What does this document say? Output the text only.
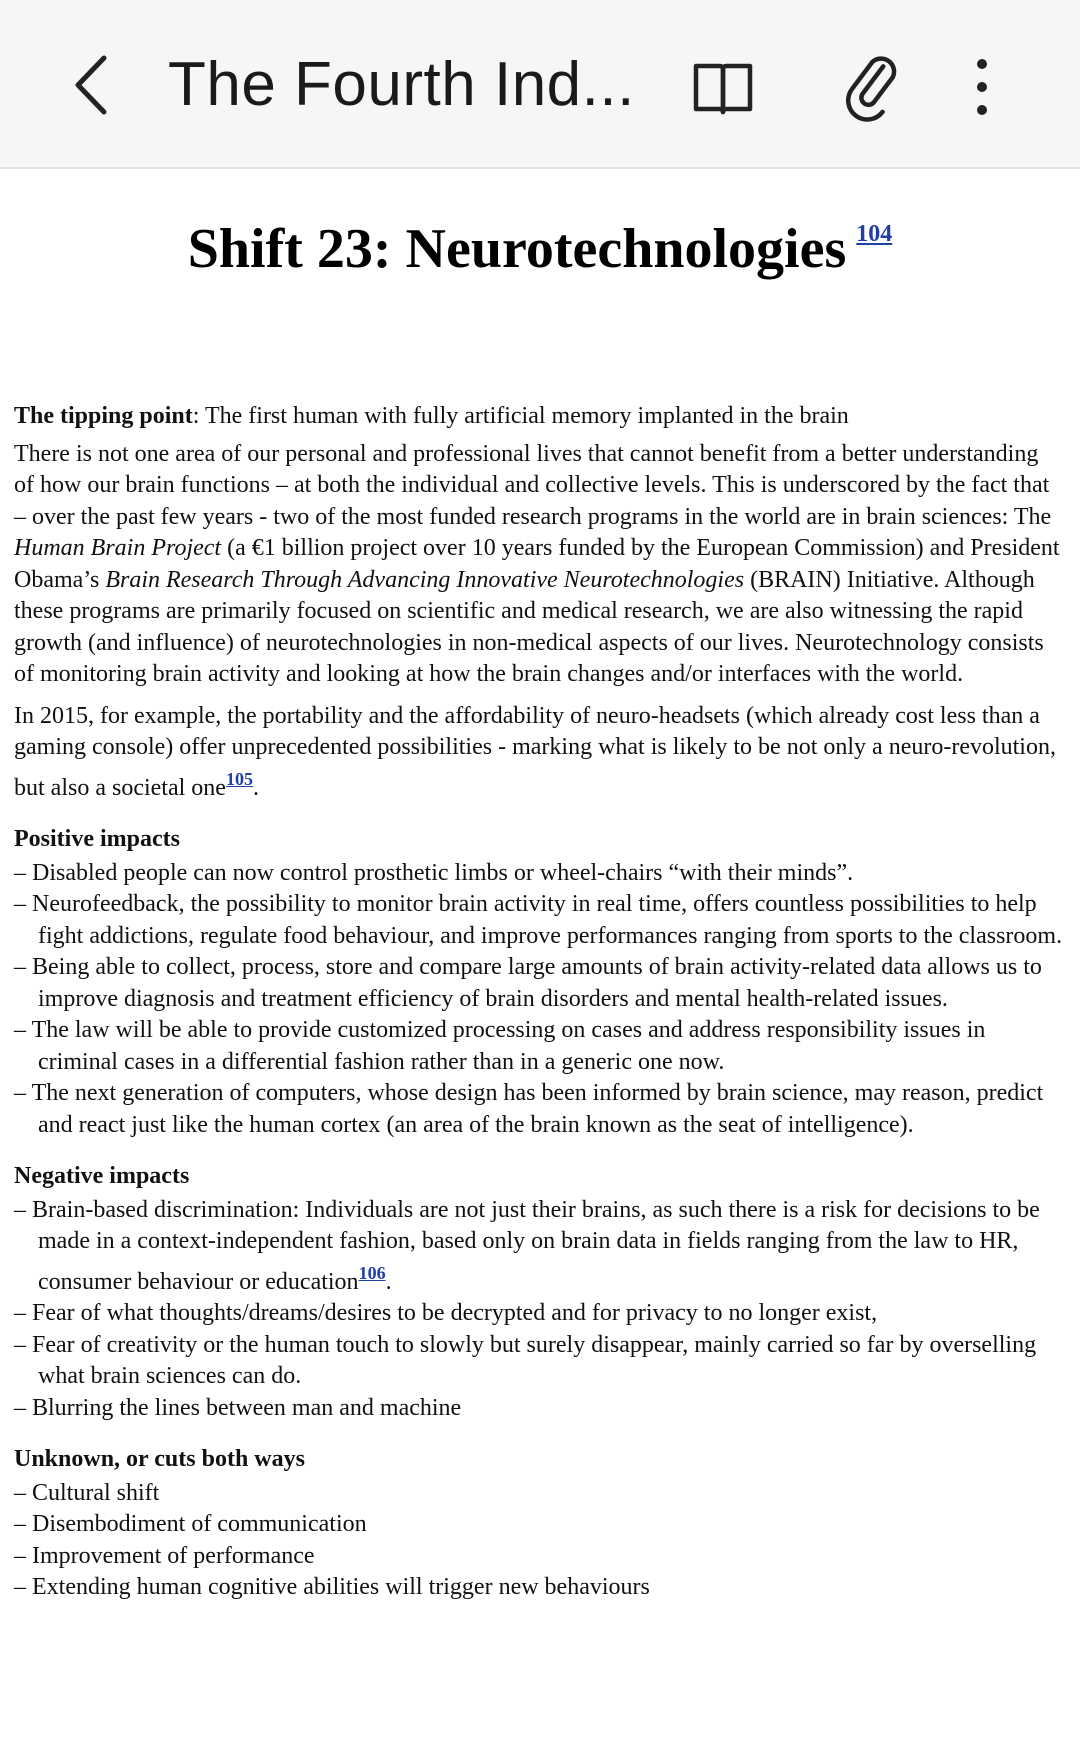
The Fourth Ind...
Shift 23: Neurotechnologies $^{104}$

The tipping point: The first human with fully artificial memory implanted in the brain

There is not one area of our personal and professional lives that cannot benefit from a better understanding of how our brain functions – at both the individual and collective levels. This is underscored by the fact that – over the past few years - two of the most funded research programs in the world are in brain sciences: The Human Brain Project (a €1 billion project over 10 years funded by the European Commission) and President Obama’s Brain Research Through Advancing Innovative Neurotechnologies (BRAIN) Initiative. Although these programs are primarily focused on scientific and medical research, we are also witnessing the rapid growth (and influence) of neurotechnologies in non-medical aspects of our lives. Neurotechnology consists of monitoring brain activity and looking at how the brain changes and/or interfaces with the world.

In 2015, for example, the portability and the affordability of neuro-headsets (which already cost less than a gaming console) offer unprecedented possibilities - marking what is likely to be not only a neuro-revolution, but also a societal one$^{105}$.

Positive impacts
– Disabled people can now control prosthetic limbs or wheel-chairs “with their minds”.
– Neurofeedback, the possibility to monitor brain activity in real time, offers countless possibilities to help fight addictions, regulate food behaviour, and improve performances ranging from sports to the classroom.
– Being able to collect, process, store and compare large amounts of brain activity-related data allows us to improve diagnosis and treatment efficiency of brain disorders and mental health-related issues.
– The law will be able to provide customized processing on cases and address responsibility issues in criminal cases in a differential fashion rather than in a generic one now.
– The next generation of computers, whose design has been informed by brain science, may reason, predict and react just like the human cortex (an area of the brain known as the seat of intelligence).
Negative impacts
– Brain-based discrimination: Individuals are not just their brains, as such there is a risk for decisions to be made in a context-independent fashion, based only on brain data in fields ranging from the law to HR, consumer behaviour or education$^{106}$.
– Fear of what thoughts/dreams/desires to be decrypted and for privacy to no longer exist,
– Fear of creativity or the human touch to slowly but surely disappear, mainly carried so far by overselling what brain sciences can do.
– Blurring the lines between man and machine
Unknown, or cuts both ways
– Cultural shift
– Disembodiment of communication
– Improvement of performance
– Extending human cognitive abilities will trigger new behaviours
